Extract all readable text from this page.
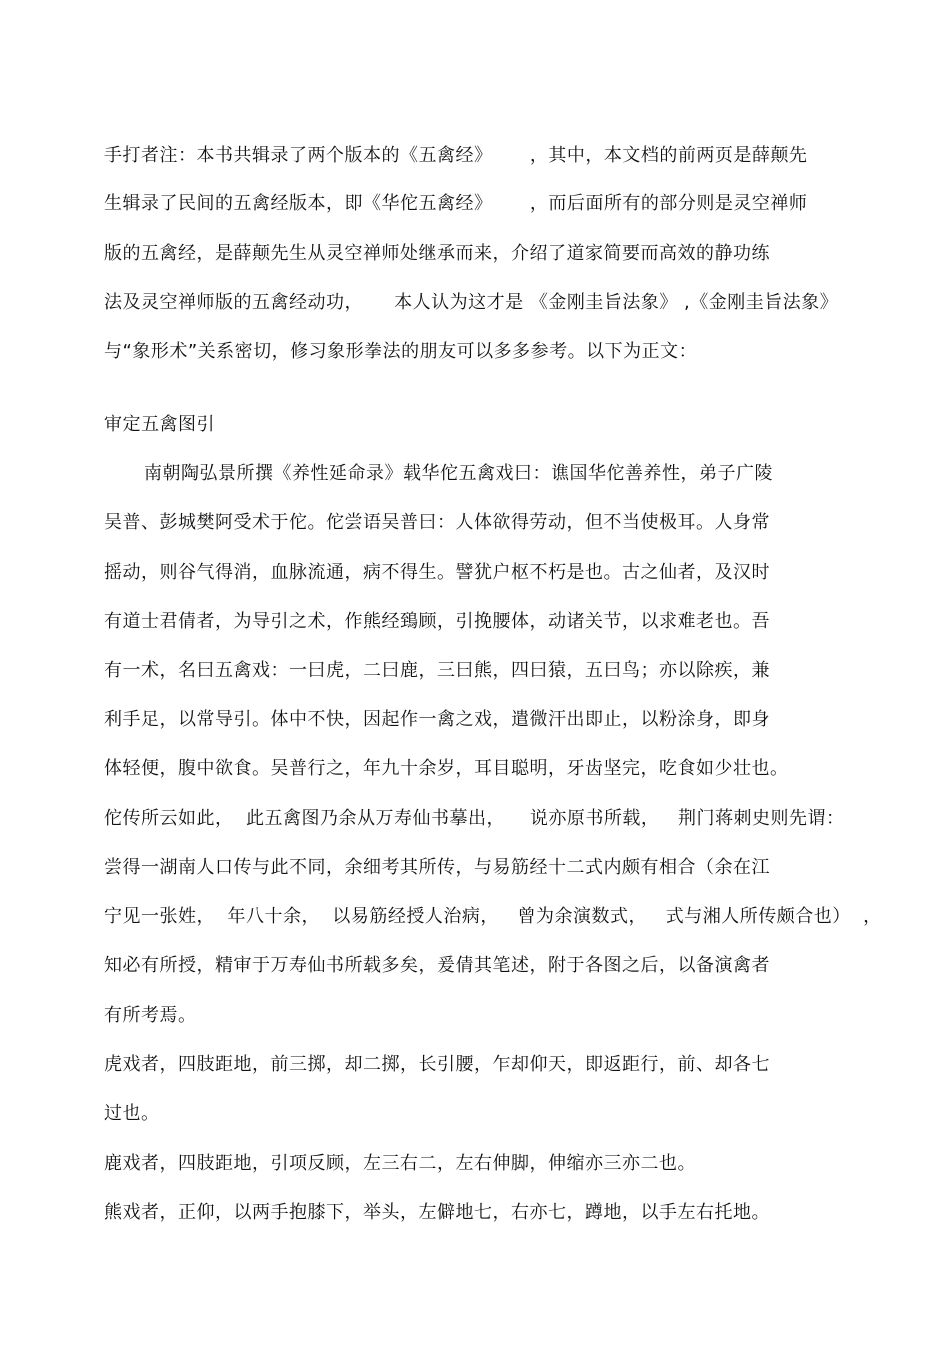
手打者注：本书共辑录了两个版本的《五禽经》      ，其中，本文档的前两页是薛颠先
生辑录了民间的五禽经版本，即《华佗五禽经》      ，而后面所有的部分则是灵空禅师
版的五禽经，是薛颠先生从灵空禅师处继承而来，介绍了道家简要而高效的静功练
法及灵空禅师版的五禽经动功，     本人认为这才是 《金刚圭旨法象》 ,《金刚圭旨法象》
与“象形术”关系密切，修习象形拳法的朋友可以多多参考。以下为正文：
审定五禽图引
南朝陶弘景所撰《养性延命录》载华佗五禽戏曰：谯国华佗善养性，弟子广陵
吴普、彭城樊阿受术于佗。佗尝语吴普曰：人体欲得劳动，但不当使极耳。人身常
摇动，则谷气得消，血脉流通，病不得生。譬犹户枢不朽是也。古之仙者，及汉时
有道士君倩者，为导引之术，作熊经鵄顾，引挽腰体，动诸关节，以求难老也。吾
有一术，名曰五禽戏：一曰虎，二曰鹿，三曰熊，四曰猿，五曰鸟；亦以除疾，兼
利手足，以常导引。体中不快，因起作一禽之戏，遣微汗出即止，以粉涂身，即身
体轻便，腹中欲食。吴普行之，年九十余岁，耳目聪明，牙齿坚完，吃食如少壮也。
佗传所云如此，  此五禽图乃余从万寿仙书摹出，    说亦原书所载，   荆门蒋刺史则先谓：
尝得一湖南人口传与此不同，余细考其所传，与易筋经十二式内颇有相合（余在江
宁见一张姓，  年八十余，  以易筋经授人治病，   曾为余演数式，   式与湘人所传颇合也）  ，
知必有所授，精审于万寿仙书所载多矣，爰倩其笔述，附于各图之后，以备演禽者
有所考焉。
虎戏者，四肢距地，前三掷，却二掷，长引腰，乍却仰天，即返距行，前、却各七
过也。
鹿戏者，四肢距地，引项反顾，左三右二，左右伸脚，伸缩亦三亦二也。
熊戏者，正仰，以两手抱膝下，举头，左僻地七，右亦七，蹲地，以手左右托地。
